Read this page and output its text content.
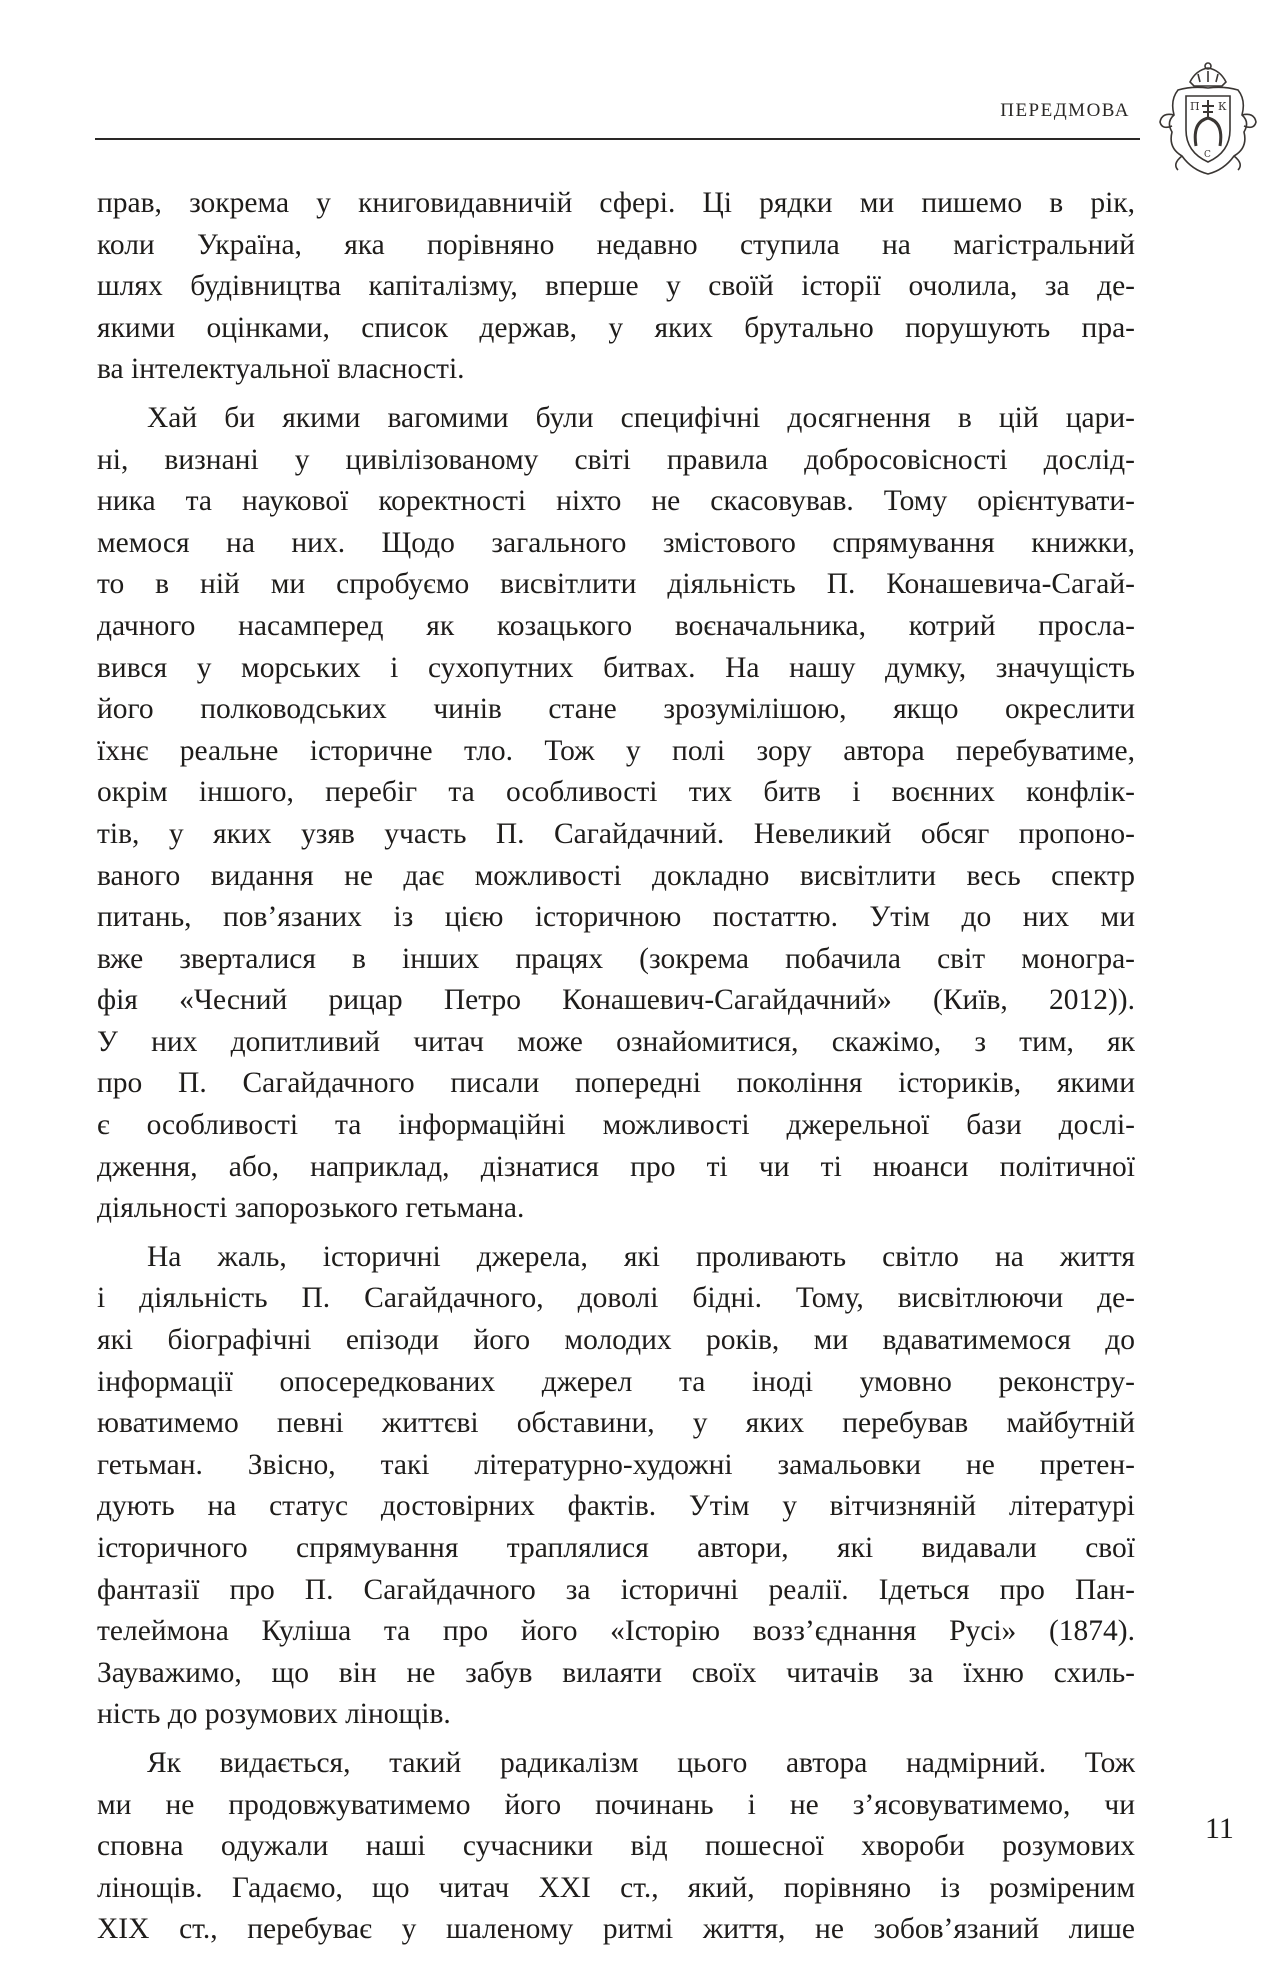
ПЕРЕДМОВА	П К
С
прав, зокрема у книговидавничій сфері. Ці рядки ми пишемо в рік,
коли Україна, яка порівняно недавно ступила на магістральний
шлях будівництва капіталізму, вперше у своїй історії очолила, за де-
якими оцінками, список держав, у яких брутально порушують пра-
ва інтелектуальної власності.
Хай би якими вагомими були специфічні досягнення в цій цари-
ні, визнані у цивілізованому світі правила добросовісності дослід-
ника та наукової коректності ніхто не скасовував. Тому орієнтувати-
мемося на них. Щодо загального змістового спрямування книжки,
то в ній ми спробуємо висвітлити діяльність П. Конашевича-Сагай-
дачного насамперед як козацького воєначальника, котрий просла-
вився у морських і сухопутних битвах. На нашу думку, значущість
його полководських чинів стане зрозумілішою, якщо окреслити
їхнє реальне історичне тло. Тож у полі зору автора перебуватиме,
окрім іншого, перебіг та особливості тих битв і воєнних конфлік-
тів, у яких узяв участь П. Сагайдачний. Невеликий обсяг пропоно-
ваного видання не дає можливості докладно висвітлити весь спектр
питань, пов’язаних із цією історичною постаттю. Утім до них ми
вже зверталися в інших працях (зокрема побачила світ моногра-
фія «Чесний рицар Петро Конашевич-Сагайдачний» (Київ, 2012)).
У них допитливий читач може ознайомитися, скажімо, з тим, як
про П. Сагайдачного писали попередні покоління істориків, якими
є особливості та інформаційні можливості джерельної бази дослі-
дження, або, наприклад, дізнатися про ті чи ті нюанси політичної
діяльності запорозького гетьмана.
На жаль, історичні джерела, які проливають світло на життя
і діяльність П. Сагайдачного, доволі бідні. Тому, висвітлюючи де-
які біографічні епізоди його молодих років, ми вдаватимемося до
інформації опосередкованих джерел та іноді умовно реконстру-
юватимемо певні життєві обставини, у яких перебував майбутній
гетьман. Звісно, такі літературно-художні замальовки не претен-
дують на статус достовірних фактів. Утім у вітчизняній літературі
історичного спрямування траплялися автори, які видавали свої
фантазії про П. Сагайдачного за історичні реалії. Ідеться про Пан-
телеймона Куліша та про його «Історію возз’єднання Русі» (1874).
Зауважимо, що він не забув вилаяти своїх читачів за їхню схиль-
ність до розумових лінощів.
Як видається, такий радикалізм цього автора надмірний. Тож
ми не продовжуватимемо його починань і не з’ясовуватимемо, чи
сповна одужали наші сучасники від пошесної хвороби розумових
лінощів. Гадаємо, що читач XXI ст., який, порівняно із розміреним
XIX ст., перебуває у шаленому ритмі життя, не зобов’язаний лише
11
